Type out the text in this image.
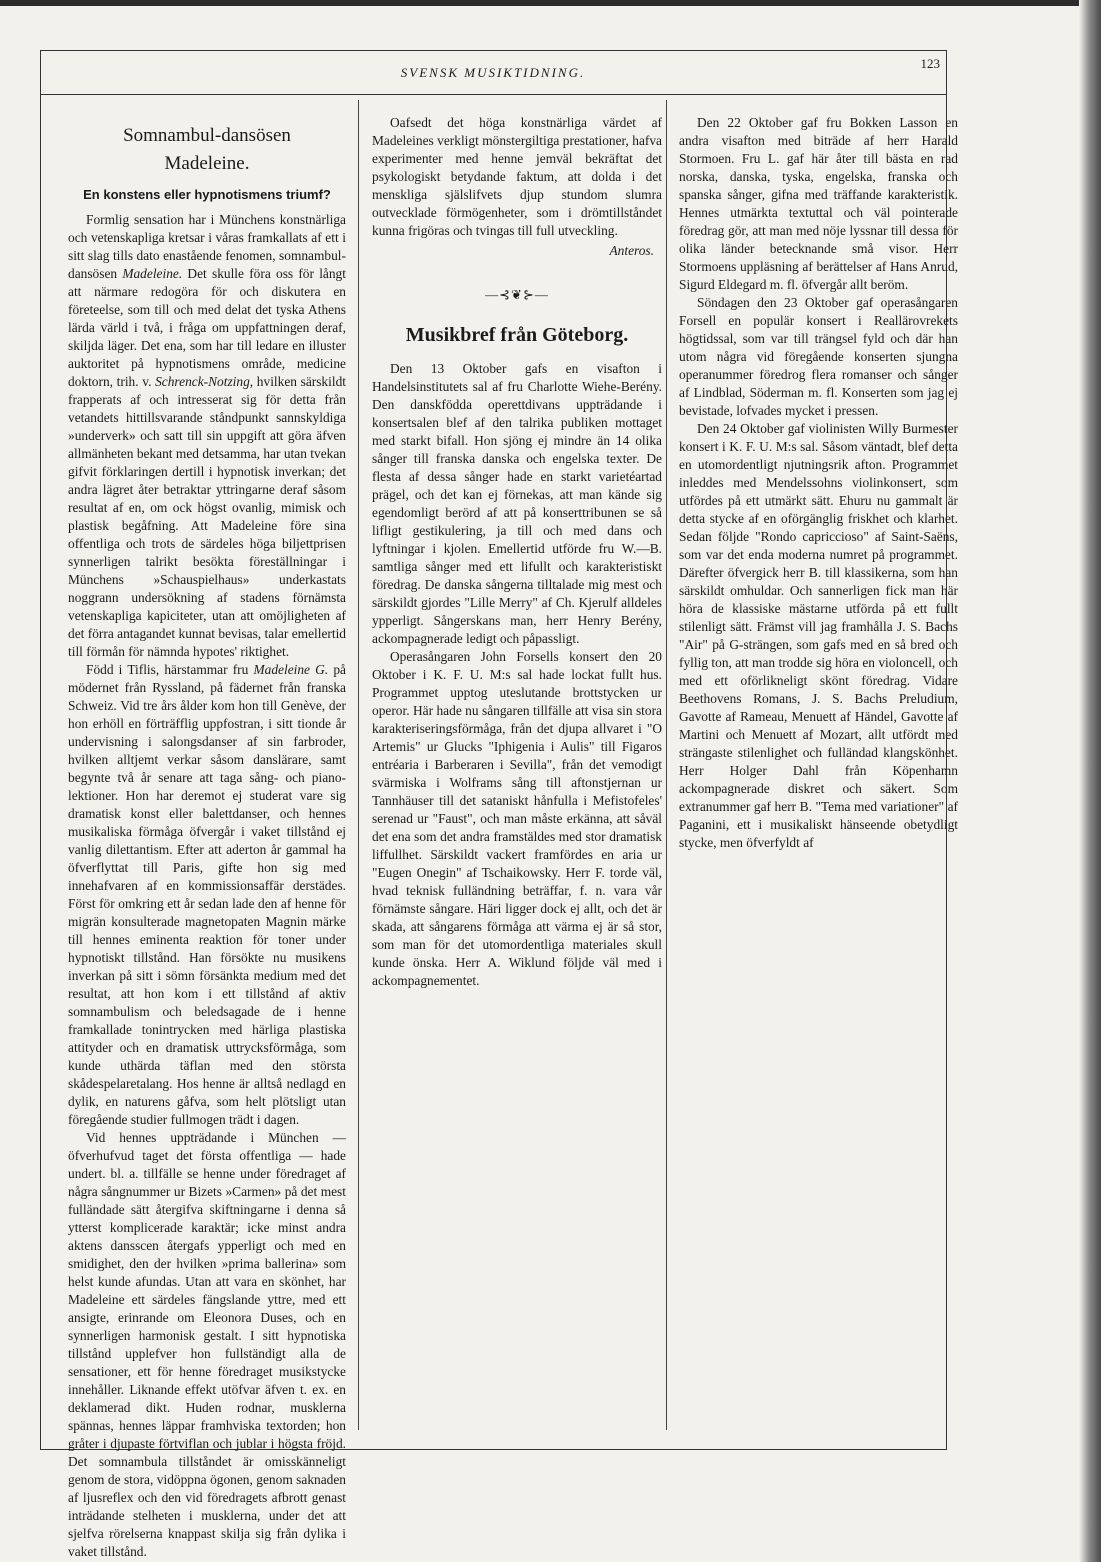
SVENSK MUSIKTIDNING.
123
Somnambul-dansösen
Madeleine.
En konstens eller hypnotismens triumf?

Formlig sensation har i Münchens konstnärliga och vetenskapliga kretsar i våras framkallats af ett i sitt slag tills dato enastående fenomen, somnambul-dansösen Madeleine. Det skulle föra oss för långt att närmare redogöra för och diskutera en företeelse, som till och med delat det tyska Athens lärda värld i två, i fråga om uppfattningen deraf, skiljda läger. Det ena, som har till ledare en illuster auktoritet på hypnotismens område, medicine doktorn, trih. v. Schrenck-Notzing, hvilken särskildt frapperats af och intresserat sig för detta från vetandets hittillsvarande ståndpunkt sannskyldiga »underverk» och satt till sin uppgift att göra äfven allmänheten bekant med detsamma, har utan tvekan gifvit förklaringen dertill i hypnotisk inverkan; det andra lägret åter betraktar yttringarne deraf såsom resultat af en, om ock högst ovanlig, mimisk och plastisk begåfning. Att Madeleine före sina offentliga och trots de särdeles höga biljettprisen synnerligen talrikt besökta föreställningar i Münchens »Schauspielhaus» underkastats noggrann undersökning af stadens förnämsta vetenskapliga kapiciteter, utan att omöjligheten af det förra antagandet kunnat bevisas, talar emellertid till förmån för nämnda hypotes' riktighet.

Född i Tiflis, härstammar fru Madeleine G. på mödernet från Ryssland, på fädernet från franska Schweiz. Vid tre års ålder kom hon till Genève, der hon erhöll en förträfflig uppfostran, i sitt tionde år undervisning i salongsdanser af sin farbroder, hvilken alltjemt verkar såsom danslärare, samt begynte två år senare att taga sång- och piano-lektioner. Hon har deremot ej studerat vare sig dramatisk konst eller balettdanser, och hennes musikaliska förmåga öfvergår i vaket tillstånd ej vanlig dilettantism. Efter att aderton år gammal ha öfverflyttat till Paris, gifte hon sig med innehafvaren af en kommissionsaffär derstädes. Först för omkring ett år sedan lade den af henne för migrän konsulterade magnetopaten Magnin märke till hennes eminenta reaktion för toner under hypnotiskt tillstånd. Han försökte nu musikens inverkan på sitt i sömn försänkta medium med det resultat, att hon kom i ett tillstånd af aktiv somnambulism och beledsagade de i henne framkallade tonintrycken med härliga plastiska attityder och en dramatisk uttrycksförmåga, som kunde uthärda täflan med den största skådespelaretalang. Hos henne är alltså nedlagd en dylik, en naturens gåfva, som helt plötsligt utan föregående studier fullmogen trädt i dagen.

Vid hennes uppträdande i München — öfverhufvud taget det första offentliga — hade undert. bl. a. tillfälle se henne under föredraget af några sångnummer ur Bizets »Carmen» på det mest fulländade sätt återgifva skiftningarne i denna så ytterst komplicerade karaktär; icke minst andra aktens dansscen återgafs ypperligt och med en smidighet, den der hvilken »prima ballerina» som helst kunde afundas. Utan att vara en skönhet, har Madeleine ett särdeles fängslande yttre, med ett ansigte, erinrande om Eleonora Duses, och en synnerligen harmonisk gestalt. I sitt hypnotiska tillstånd upplefver hon fullständigt alla de sensationer, ett för henne föredraget musikstycke innehåller. Liknande effekt utöfvar äfven t. ex. en deklamerad dikt. Huden rodnar, musklerna spännas, hennes läppar framhviska textorden; hon gråter i djupaste förtviflan och jublar i högsta fröjd. Det somnambula tillståndet är omisskänneligt genom de stora, vidöppna ögonen, genom saknaden af ljusreflex och den vid föredragets afbrott genast inträdande stelheten i musklerna, under det att sjelfva rörelserna knappast skilja sig från dylika i vaket tillstånd.

Oafsedt det höga konstnärliga värdet af Madeleines verkligt mönstergiltiga prestationer, hafva experimenter med henne jemväl bekräftat det psykologiskt betydande faktum, att dolda i det menskliga själslifvets djup stundom slumra outvecklade förmögenheter, som i drömtillståndet kunna frigöras och tvingas till full utveckling.

Anteros.
—⊰❦⊱—
Musikbref från Göteborg.

Den 13 Oktober gafs en visafton i Handelsinstitutets sal af fru Charlotte Wiehe-Berény. Den danskfödda operettdivans uppträdande i konsertsalen blef af den talrika publiken mottaget med starkt bifall. Hon sjöng ej mindre än 14 olika sånger till franska danska och engelska texter. De flesta af dessa sånger hade en starkt varietéartad prägel, och det kan ej förnekas, att man kände sig egendomligt berörd af att på konserttribunen se så lifligt gestikulering, ja till och med dans och lyftningar i kjolen. Emellertid utförde fru W.—B. samtliga sånger med ett lifullt och karakteristiskt föredrag. De danska sångerna tilltalade mig mest och särskildt gjordes "Lille Merry" af Ch. Kjerulf alldeles ypperligt. Sångerskans man, herr Henry Berény, ackompagnerade ledigt och påpassligt.

Operasångaren John Forsells konsert den 20 Oktober i K. F. U. M:s sal hade lockat fullt hus. Programmet upptog uteslutande brottstycken ur operor. Här hade nu sångaren tillfälle att visa sin stora karakteriseringsförmåga, från det djupa allvaret i "O Artemis" ur Glucks "Iphigenia i Aulis" till Figaros entréaria i Barberaren i Sevilla", från det vemodigt svärmiska i Wolframs sång till aftonstjernan ur Tannhäuser till det sataniskt hånfulla i Mefistofeles' serenad ur "Faust", och man måste erkänna, att såväl det ena som det andra framstäldes med stor dramatisk liffullhet. Särskildt vackert framfördes en aria ur "Eugen Onegin" af Tschaikowsky. Herr F. torde väl, hvad teknisk fulländning beträffar, f. n. vara vår förnämste sångare. Häri ligger dock ej allt, och det är skada, att sångarens förmåga att värma ej är så stor, som man för det utomordentliga materiales skull kunde önska. Herr A. Wiklund följde väl med i ackompagnementet.

Den 22 Oktober gaf fru Bokken Lasson en andra visafton med biträde af herr Harald Stormoen. Fru L. gaf här åter till bästa en rad norska, danska, tyska, engelska, franska och spanska sånger, gifna med träffande karakteristik. Hennes utmärkta textuttal och väl pointerade föredrag gör, att man med nöje lyssnar till dessa för olika länder betecknande små visor. Herr Stormoens uppläsning af berättelser af Hans Anrud, Sigurd Eldegard m. fl. öfvergår allt beröm.

Söndagen den 23 Oktober gaf operasångaren Forsell en populär konsert i Reallärovrekets högtidssal, som var till trängsel fyld och där han utom några vid föregående konserten sjungna operanummer föredrog flera romanser och sånger af Lindblad, Söderman m. fl. Konserten som jag ej bevistade, lofvades mycket i pressen.

Den 24 Oktober gaf violinisten Willy Burmester konsert i K. F. U. M:s sal. Såsom väntadt, blef detta en utomordentligt njutningsrik afton. Programmet inleddes med Mendelssohns violinkonsert, som utfördes på ett utmärkt sätt. Ehuru nu gammalt är detta stycke af en oförgänglig friskhet och klarhet. Sedan följde "Rondo capriccioso" af Saint-Saëns, som var det enda moderna numret på programmet. Därefter öfvergick herr B. till klassikerna, som han särskildt omhuldar. Och sannerligen fick man här höra de klassiske mästarne utförda på ett fullt stilenligt sätt. Främst vill jag framhålla J. S. Bachs "Air" på G-strängen, som gafs med en så bred och fyllig ton, att man trodde sig höra en violoncell, och med ett oförlikneligt skönt föredrag. Vidare Beethovens Romans, J. S. Bachs Preludium, Gavotte af Rameau, Menuett af Händel, Gavotte af Martini och Menuett af Mozart, allt utfördt med strängaste stilenlighet och fulländad klangskönhet. Herr Holger Dahl från Köpenhamn ackompagnerade diskret och säkert. Som extranummer gaf herr B. "Tema med variationer" af Paganini, ett i musikaliskt hänseende obetydligt stycke, men öfverfyldt af
